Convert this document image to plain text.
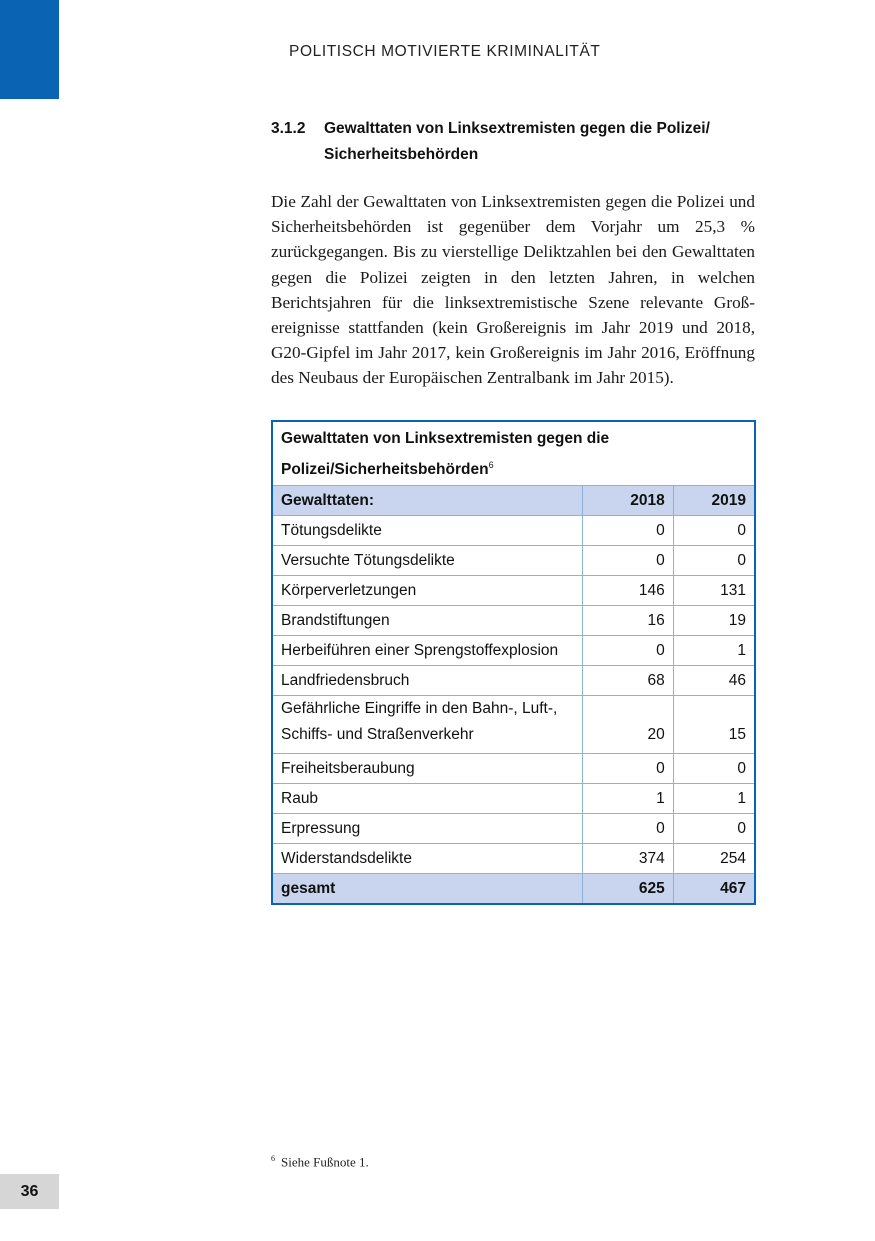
POLITISCH MOTIVIERTE KRIMINALITÄT
3.1.2 Gewalttaten von Linksextremisten gegen die Polizei/
Sicherheitsbehörden

Die Zahl der Gewalttaten von Linksextremisten gegen die Polizei und Sicherheitsbehörden ist gegenüber dem Vorjahr um 25,3 % zurückgegangen. Bis zu vierstellige Deliktzahlen bei den Gewalttaten gegen die Polizei zeigten in den letzten Jahren, in welchen Berichtsjahren für die linksextremistische Szene relevante Großereignisse stattfanden (kein Großereignis im Jahr 2019 und 2018, G20-Gipfel im Jahr 2017, kein Großereignis im Jahr 2016, Eröffnung des Neubaus der Europäischen Zentralbank im Jahr 2015).

Gewalttaten von Linksextremisten gegen die
Polizei/Sicherheitsbehörden$^6$
Gewalttaten:	2018	2019
Tötungsdelikte	0	0
Versuchte Tötungsdelikte	0	0
Körperverletzungen	146	131
Brandstiftungen	16	19
Herbeiführen einer Sprengstoffexplosion	0	1
Landfriedensbruch	68	46
Gefährliche Eingriffe in den Bahn-, Luft-,
Schiffs- und Straßenverkehr	20	15
Freiheitsberaubung	0	0
Raub	1	1
Erpressung	0	0
Widerstandsdelikte	374	254
gesamt	625	467
$^6$ Siehe Fußnote 1.
36
